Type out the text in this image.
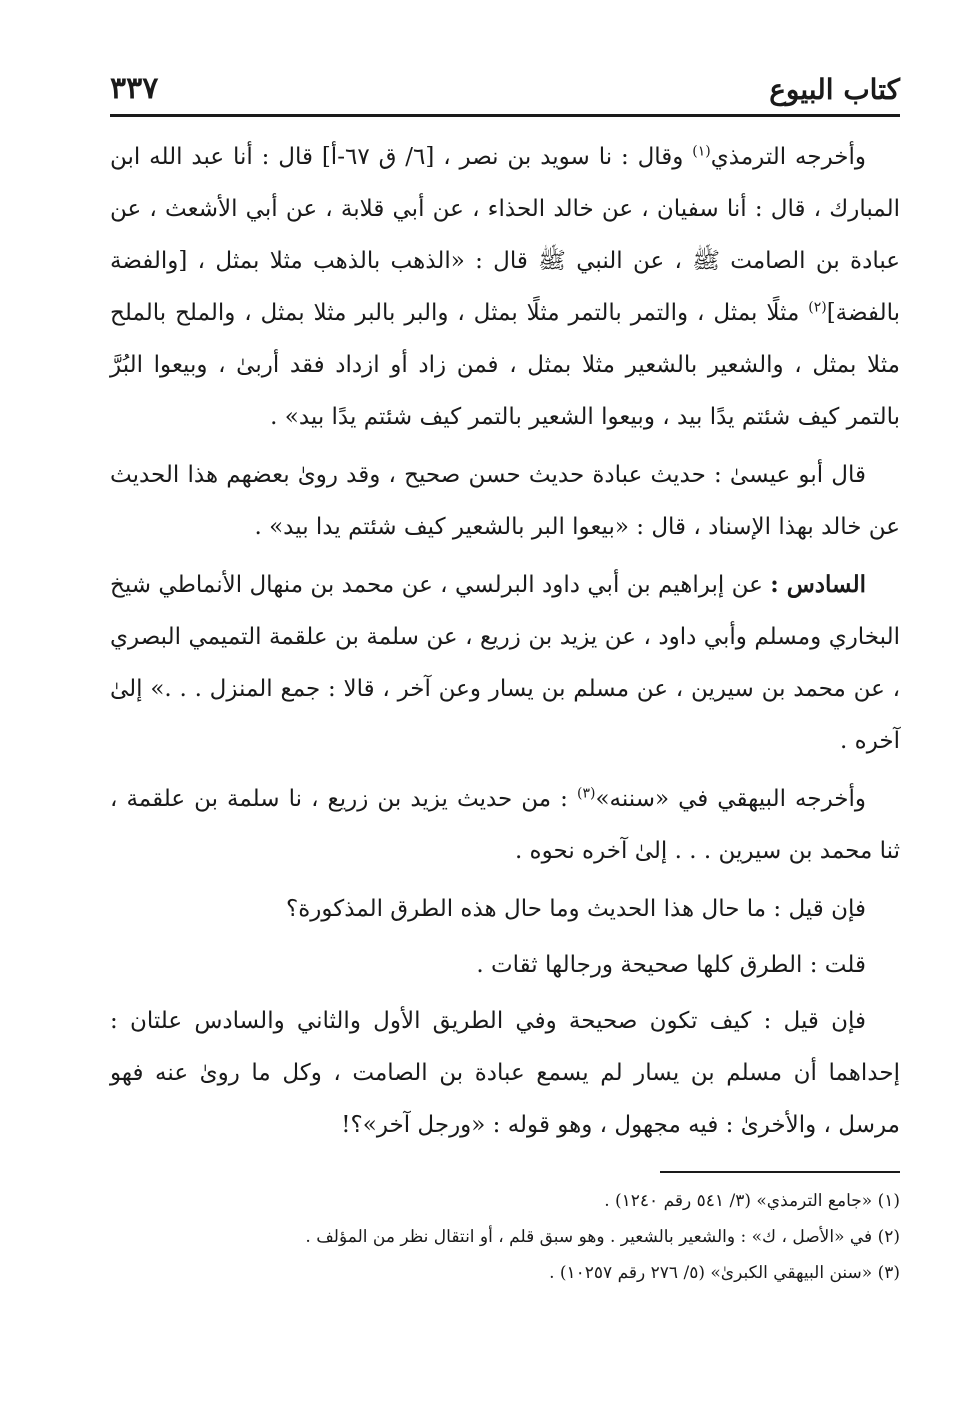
كتاب البيوع
٣٣٧

وأخرجه الترمذي$^{(١)}$ وقال : نا سويد بن نصر ، [٦/ ق ٦٧-أ] قال : أنا عبد الله ابن المبارك ، قال : أنا سفيان ، عن خالد الحذاء ، عن أبي قلابة ، عن أبي الأشعث ، عن عبادة بن الصامت ﷺ ، عن النبي ﷺ قال : «الذهب بالذهب مثلا بمثل ، [والفضة بالفضة]$^{(٢)}$ مثلًا بمثل ، والتمر بالتمر مثلًا بمثل ، والبر بالبر مثلا بمثل ، والملح بالملح مثلا بمثل ، والشعير بالشعير مثلا بمثل ، فمن زاد أو ازداد فقد أربىٰ ، وبيعوا البُرَّ بالتمر كيف شئتم يدًا بيد ، وبيعوا الشعير بالتمر كيف شئتم يدًا بيد» .

قال أبو عيسىٰ : حديث عبادة حديث حسن صحيح ، وقد روىٰ بعضهم هذا الحديث عن خالد بهذا الإسناد ، قال : «بيعوا البر بالشعير كيف شئتم يدا بيد» .

السادس : عن إبراهيم بن أبي داود البرلسي ، عن محمد بن منهال الأنماطي شيخ البخاري ومسلم وأبي داود ، عن يزيد بن زريع ، عن سلمة بن علقمة التميمي البصري ، عن محمد بن سيرين ، عن مسلم بن يسار وعن آخر ، قالا : جمع المنزل . . .» إلىٰ آخره .

وأخرجه البيهقي في «سننه»$^{(٣)}$ : من حديث يزيد بن زريع ، نا سلمة بن علقمة ، ثنا محمد بن سيرين . . . إلىٰ آخره نحوه .

فإن قيل : ما حال هذا الحديث وما حال هذه الطرق المذكورة؟

قلت : الطرق كلها صحيحة ورجالها ثقات .

فإن قيل : كيف تكون صحيحة وفي الطريق الأول والثاني والسادس علتان : إحداهما أن مسلم بن يسار لم يسمع عبادة بن الصامت ، وكل ما روىٰ عنه فهو مرسل ، والأخرىٰ : فيه مجهول ، وهو قوله : «ورجل آخر»؟!

(١) «جامع الترمذي» (٣/ ٥٤١ رقم ١٢٤٠) .

(٢) في «الأصل ، ك» : والشعير بالشعير . وهو سبق قلم ، أو انتقال نظر من المؤلف .

(٣) «سنن البيهقي الكبرىٰ» (٥/ ٢٧٦ رقم ١٠٢٥٧) .
